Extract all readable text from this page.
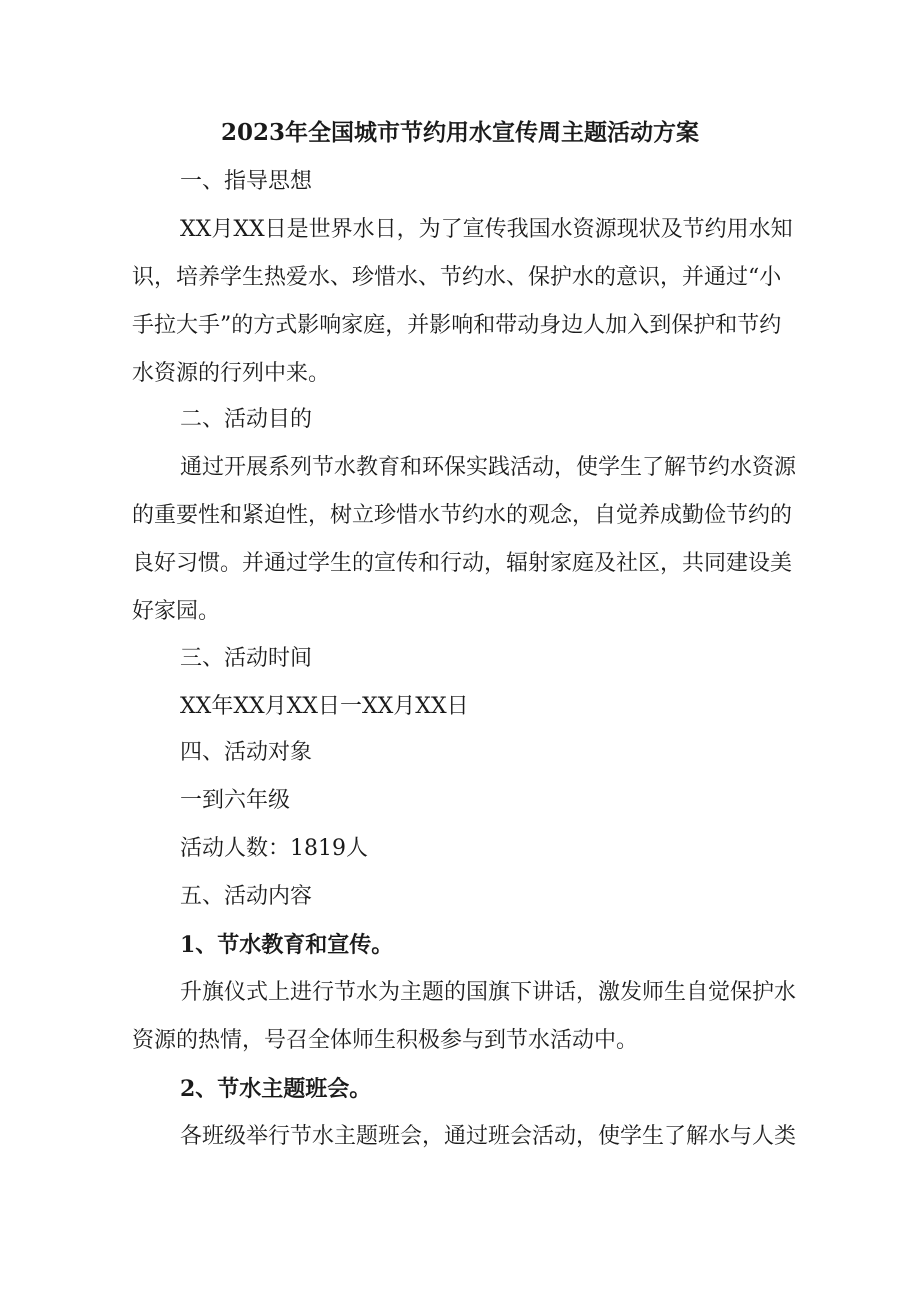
2023年全国城市节约用水宣传周主题活动方案
一、指导思想
XX月XX日是世界水日，为了宣传我国水资源现状及节约用水知
识，培养学生热爱水、珍惜水、节约水、保护水的意识，并通过“小
手拉大手”的方式影响家庭，并影响和带动身边人加入到保护和节约
水资源的行列中来。
二、活动目的
通过开展系列节水教育和环保实践活动，使学生了解节约水资源
的重要性和紧迫性，树立珍惜水节约水的观念，自觉养成勤俭节约的
良好习惯。并通过学生的宣传和行动，辐射家庭及社区，共同建设美
好家园。
三、活动时间
XX年XX月XX日一XX月XX日
四、活动对象
一到六年级
活动人数：1819人
五、活动内容
1、节水教育和宣传。
升旗仪式上进行节水为主题的国旗下讲话，激发师生自觉保护水
资源的热情，号召全体师生积极参与到节水活动中。
2、节水主题班会。
各班级举行节水主题班会，通过班会活动，使学生了解水与人类
